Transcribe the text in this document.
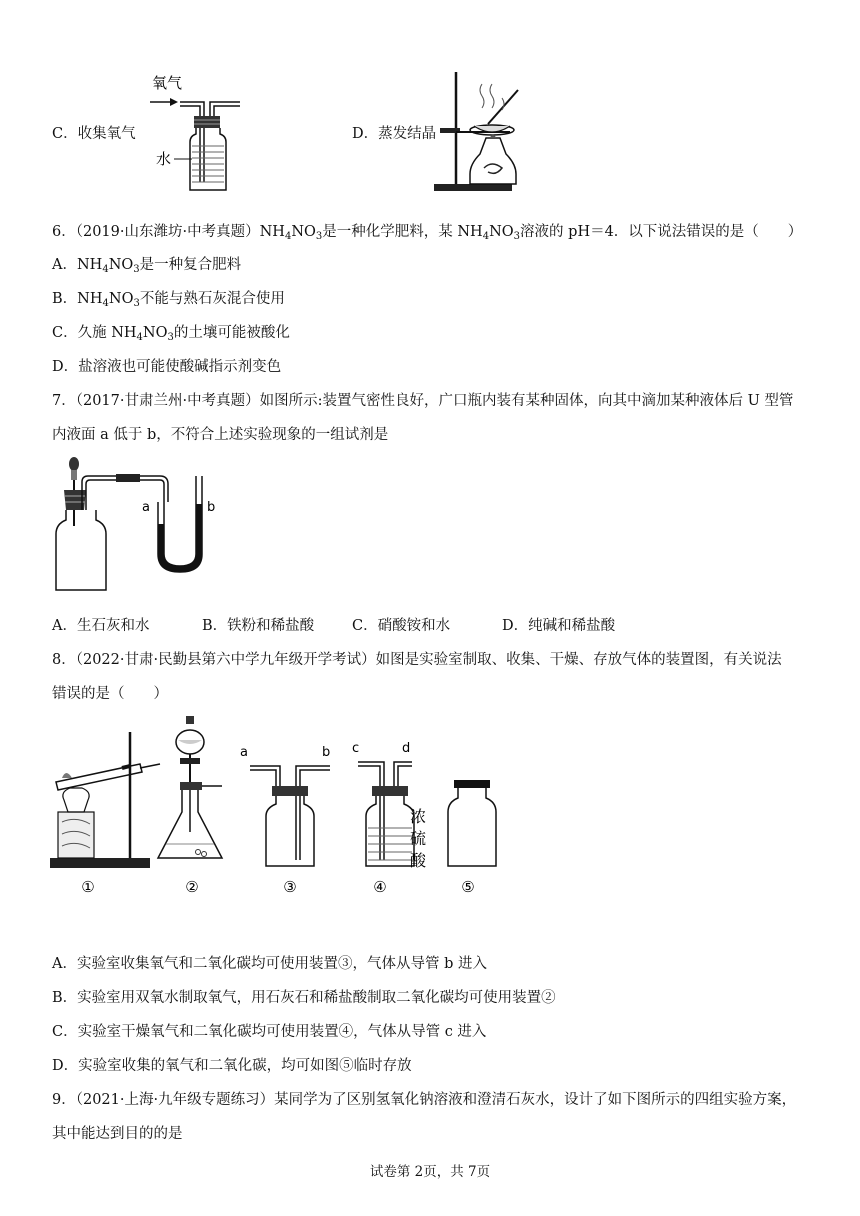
C．收集氧气
氧气
水
D．蒸发结晶
6．（2019·山东潍坊·中考真题）$NH_4NO_3$是一种化学肥料，某 $NH_4NO_3$溶液的 pH＝4．以下说法错误的是（　　）
A．$NH_4NO_3$是一种复合肥料
B．$NH_4NO_3$不能与熟石灰混合使用
C．久施 $NH_4NO_3$的土壤可能被酸化
D．盐溶液也可能使酸碱指示剂变色
7．（2017·甘肃兰州·中考真题）如图所示:装置气密性良好，广口瓶内装有某种固体，向其中滴加某种液体后 U 型管
内液面 a 低于 b，不符合上述实验现象的一组试剂是
a	b
A．生石灰和水	B．铁粉和稀盐酸	C．硝酸铵和水	D．纯碱和稀盐酸
8．（2022·甘肃·民勤县第六中学九年级开学考试）如图是实验室制取、收集、干燥、存放气体的装置图，有关说法
错误的是（　　）
①	②
a	b
③
c	d
浓
硫
酸
④	⑤
A．实验室收集氧气和二氧化碳均可使用装置③，气体从导管 b 进入
B．实验室用双氧水制取氧气，用石灰石和稀盐酸制取二氧化碳均可使用装置②
C．实验室干燥氧气和二氧化碳均可使用装置④，气体从导管 c 进入
D．实验室收集的氧气和二氧化碳，均可如图⑤临时存放
9．（2021·上海·九年级专题练习）某同学为了区别氢氧化钠溶液和澄清石灰水，设计了如下图所示的四组实验方案，
其中能达到目的的是
试卷第 2页，共 7页
